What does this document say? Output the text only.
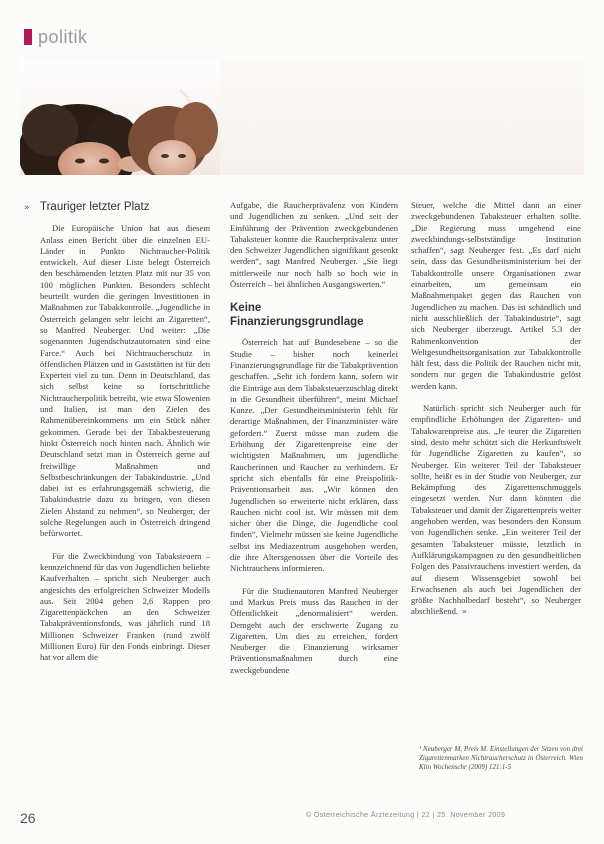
politik
» Trauriger letzter Platz

Die Europäische Union hat aus diesem Anlass einen Bericht über die einzelnen EU-Länder in Punkto Nichtraucher-Politik entwickelt. Auf dieser Liste belegt Österreich den beschämenden letzten Platz mit nur 35 von 100 möglichen Punkten. Besonders schlecht beurteilt wurden die geringen Investitionen in Maßnahmen zur Tabakkontrolle. „Jugendliche in Österreich gelangen sehr leicht an Zigaretten“, so Manfred Neuberger. Und weiter: „Die sogenannten Jugendschutzautomaten sind eine Farce.“ Auch bei Nichtraucherschutz in öffentlichen Plätzen und in Gaststätten ist für den Experten viel zu tun. Denn in Deutschland, das sich selbst keine so fortschrittliche Nichtraucherpolitik betreibt, wie etwa Slowenien und Italien, ist man den Zielen des Rahmenübereinkommens um ein Stück näher gekommen. Gerade bei der Tabakbesteuerung hinkt Österreich noch hinten nach. Ähnlich wie Deutschland setzt man in Österreich gerne auf freiwillige Maßnahmen und Selbstbeschränkungen der Tabakindustrie. „Und dabei ist es erfahrungsgemäß schwierig, die Tabakindustrie dazu zu bringen, von diesen Zielen Abstand zu nehmen“, so Neuberger, der solche Regelungen auch in Österreich dringend befürwortet.

Für die Zweckbindung von Tabaksteuern – kennzeichnend für das von Jugendlichen beliebte Kaufverhalten – spricht sich Neuberger auch angesichts des erfolgreichen Schweizer Modells aus. Seit 2004 gehen 2,6 Rappen pro Zigarettenpäckchen an den Schweizer Tabakpräventionsfonds, was jährlich rund 18 Millionen Schweizer Franken (rund zwölf Millionen Euro) für den Fonds einbringt. Dieser hat vor allem die

Aufgabe, die Raucherprävalenz von Kindern und Jugendlichen zu senken. „Und seit der Einführung der Prävention zweckgebundenen Tabaksteuer konnte die Raucherprävalenz unter den Schweizer Jugendlichen signifikant gesenkt werden“, sagt Manfred Neuberger. „Sie liegt mittlerweile nur noch halb so hoch wie in Österreich – bei ähnlichen Ausgangswerten.“

Keine Finanzierungsgrundlage

Österreich hat auf Bundesebene – so die Studie – bisher noch keinerlei Finanzierungsgrundlage für die Tabakprävention geschaffen. „Sehr ich fordern kann, sofern wir die Einträge aus dem Tabaksteuerzuschlag direkt in die Gesundheit überführen“, meint Michael Kunze. „Der Gesundheitsministerin fehlt für derartige Maßnahmen, der Finanzminister wäre gefordert.“ Zuerst müsse man zudem die Erhöhung der Zigarettenpreise eine der wichtigsten Maßnahmen, um jugendliche Raucherinnen und Raucher zu verhindern. Er spricht sich ebenfalls für eine Preispolitik-Präventionsarbeit aus. „Wir können den Jugendlichen so erweiterte nicht erklären, dass Rauchen nicht cool ist. Wir müssen mit dem sicher über die Dinge, die Jugendliche cool finden“, Vielmehr müssen sie keine Jugendliche selbst ins Mediazentrum ausgehoben werden, die ihre Altersgenossen über die Vorteile des Nichtrauchens informieren.

Für die Studienautoren Manfred Neuberger und Markus Preis muss das Rauchen in der Öffentlichkeit „denormalisiert“ werden. Demgeht auch der erschwerte Zugang zu Zigaretten. Um dies zu erreichen, fordert Neuberger die Finanzierung wirksamer Präventionsmaßnahmen durch eine zweckgebundene

Steuer, welche die Mittel dann an einer zweckgebundenen Tabaksteuer erhalten sollte. „Die Regierung muss umgehend eine zweckbindungs-selbstständige Institution schaffen“, sagt Neuberger fest. „Es darf nicht sein, dass das Gesundheitsministerium bei der Tabakkontrolle unsere Organisationen zwar einarbeiten, um gemeinsam ein Maßnahmenpaket gegen das Rauchen von Jugendlichen zu machen. Das ist schändlich und nicht ausschließlich der Tabakindustrie“, sagt sich Neuberger überzeugt. Artikel 5.3 der Rahmenkonvention der Weltgesundheitsorganisation zur Tabakkontrolle hält fest, dass die Politik der Rauchen nicht mit, sondern nur gegen die Tabakindustrie gelöst werden kann.

Natürlich spricht sich Neuberger auch für empfindliche Erhöhungen der Zigaretten- und Tabakwarenpreise aus. „Je teurer die Zigaretten sind, desto mehr schützt sich die Herkunftswelt für Jugendliche Zigaretten zu kaufen“, so Neuberger. Ein weiterer Teil der Tabaksteuer sollte, heißt es in der Studie von Neuberger, zur Bekämpfung des Zigarettenschmuggels eingesetzt werden. Nur dann könnten die Tabaksteuer und damit der Zigarettenpreis weiter angehoben werden, was besonders den Konsum von Jugendlichen senke. „Ein weiterer Teil der gesamten Tabaksteuer müsste, letztlich in Aufklärungskampagnen zu den gesundheitlichen Folgen des Passivrauchens investiert werden, da auf diesem Wissensgebiet sowohl bei Erwachsenen als auch bei Jugendlichen der größte Nachholbedarf besteht“, so Neuberger abschließend. »

¹ Neuberger M, Preis M. Einstellungen der Sitzen von drei Zigarettenmarken Nichtraucherschutz in Österreich. Wien Klin Wochenschr (2009) 121:1-5
26	© Österreichische Ärztezeitung | 22 | 25. November 2009
